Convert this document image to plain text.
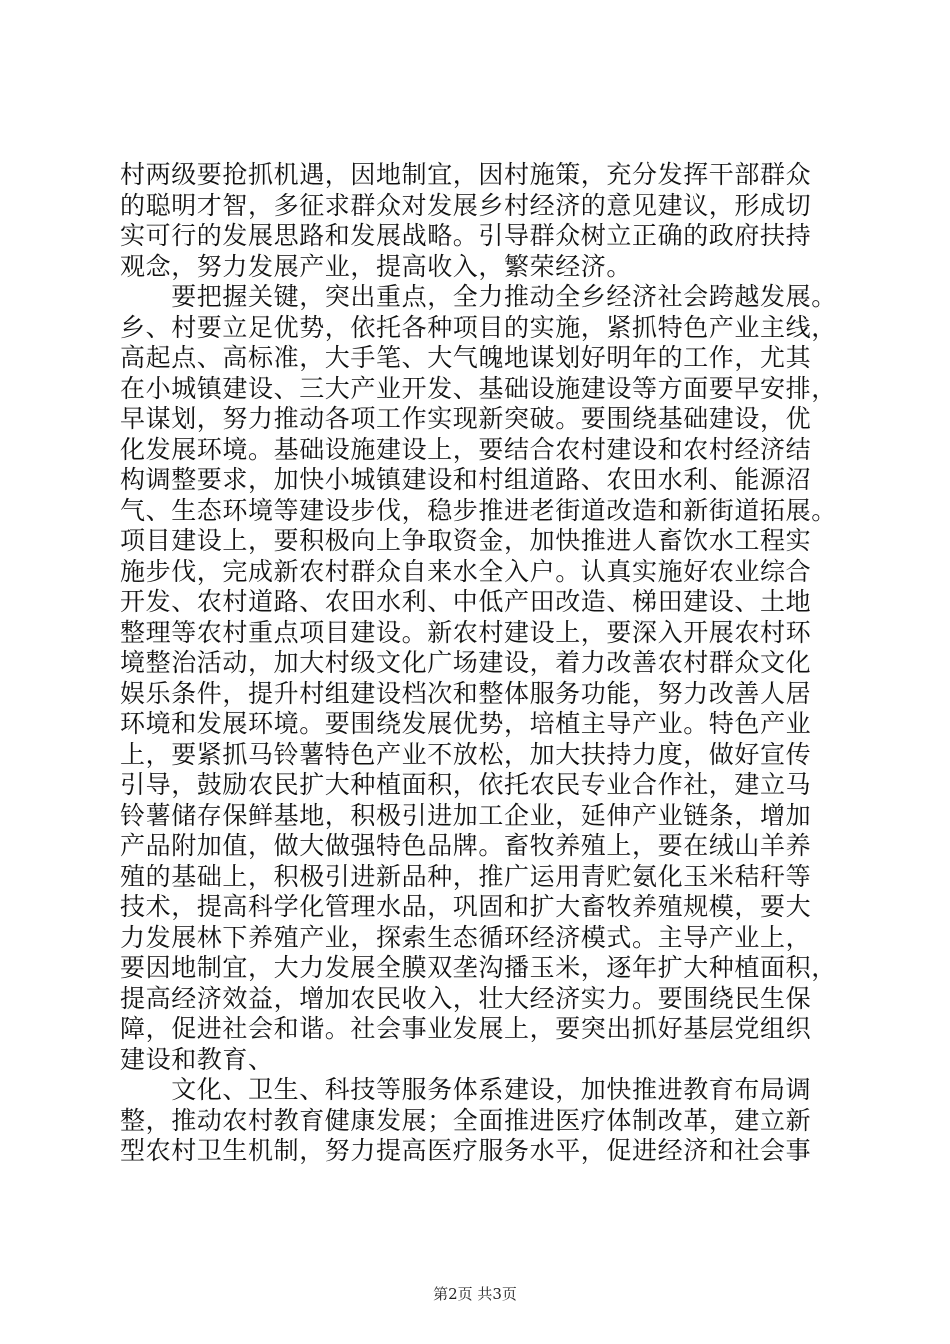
村两级要抢抓机遇，因地制宜，因村施策，充分发挥干部群众
的聪明才智，多征求群众对发展乡村经济的意见建议，形成切
实可行的发展思路和发展战略。引导群众树立正确的政府扶持
观念，努力发展产业，提高收入，繁荣经济。
　　要把握关键，突出重点，全力推动全乡经济社会跨越发展。
乡、村要立足优势，依托各种项目的实施，紧抓特色产业主线，
高起点、高标准，大手笔、大气魄地谋划好明年的工作，尤其
在小城镇建设、三大产业开发、基础设施建设等方面要早安排，
早谋划，努力推动各项工作实现新突破。要围绕基础建设，优
化发展环境。基础设施建设上，要结合农村建设和农村经济结
构调整要求，加快小城镇建设和村组道路、农田水利、能源沼
气、生态环境等建设步伐，稳步推进老街道改造和新街道拓展。
项目建设上，要积极向上争取资金，加快推进人畜饮水工程实
施步伐，完成新农村群众自来水全入户。认真实施好农业综合
开发、农村道路、农田水利、中低产田改造、梯田建设、土地
整理等农村重点项目建设。新农村建设上，要深入开展农村环
境整治活动，加大村级文化广场建设，着力改善农村群众文化
娱乐条件，提升村组建设档次和整体服务功能，努力改善人居
环境和发展环境。要围绕发展优势，培植主导产业。特色产业
上，要紧抓马铃薯特色产业不放松，加大扶持力度，做好宣传
引导，鼓励农民扩大种植面积，依托农民专业合作社，建立马
铃薯储存保鲜基地，积极引进加工企业，延伸产业链条，增加
产品附加值，做大做强特色品牌。畜牧养殖上，要在绒山羊养
殖的基础上，积极引进新品种，推广运用青贮氨化玉米秸秆等
技术，提高科学化管理水品，巩固和扩大畜牧养殖规模，要大
力发展林下养殖产业，探索生态循环经济模式。主导产业上，
要因地制宜，大力发展全膜双垄沟播玉米，逐年扩大种植面积，
提高经济效益，增加农民收入，壮大经济实力。要围绕民生保
障，促进社会和谐。社会事业发展上，要突出抓好基层党组织
建设和教育、
　　文化、卫生、科技等服务体系建设，加快推进教育布局调
整，推动农村教育健康发展；全面推进医疗体制改革，建立新
型农村卫生机制，努力提高医疗服务水平，促进经济和社会事
第2页 共3页
